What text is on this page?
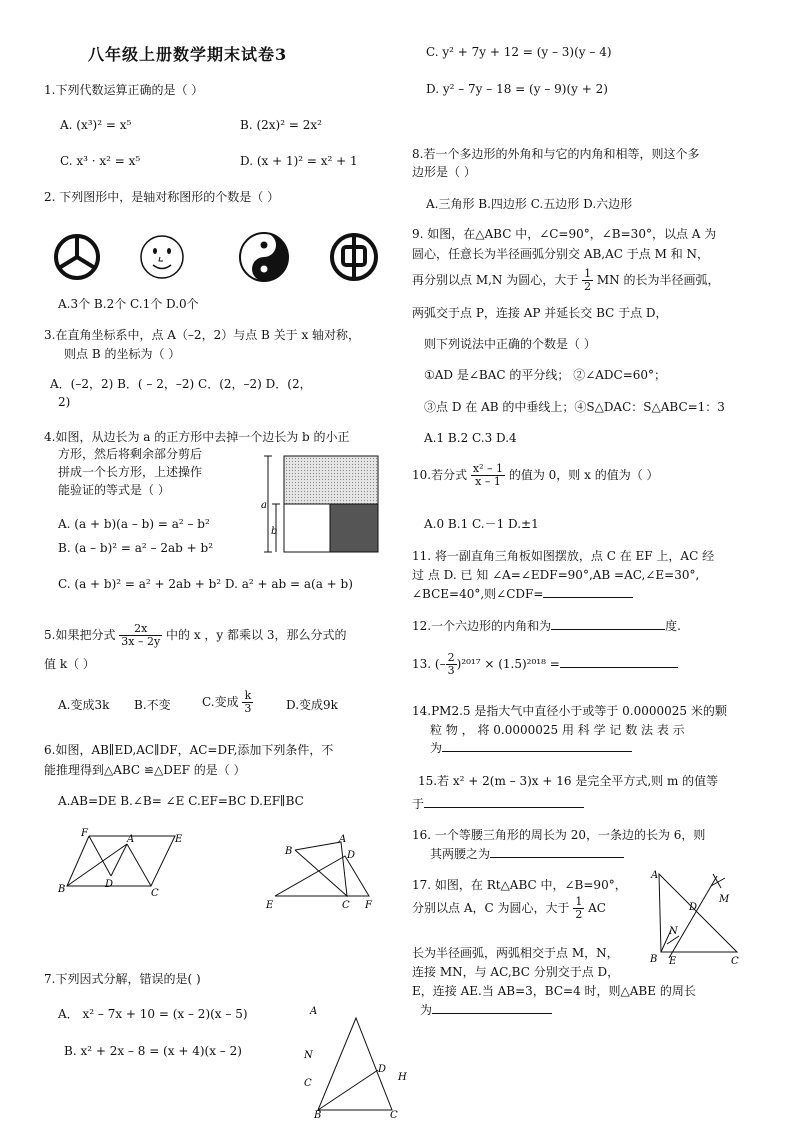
八年级上册数学期末试卷3
1.下列代数运算正确的是（ ）
A. (x³)² = x⁵	B. (2x)² = 2x²
C. x³ · x² = x⁵	D. (x + 1)² = x² + 1
2. 下列图形中，是轴对称图形的个数是（ ）
A.3个 B.2个 C.1个 D.0个
3.在直角坐标系中，点 A（–2，2）与点 B 关于 x 轴对称，
则点 B 的坐标为（ ）
A．(–2，2) B．( – 2，–2) C．(2，–2) D．(2，
2)
4.如图，从边长为 a 的正方形中去掉一个边长为 b 的小正
方形，然后将剩余部分剪后
拼成一个长方形，上述操作
能验证的等式是（ ）
A. (a + b)(a – b) = a² – b²
B. (a – b)² = a² – 2ab + b²
C. (a + b)² = a² + 2ab + b² D. a² + ab = a(a + b)
a
b
5.如果把分式 $\frac{2x}{3x - 2y}$ 中的 x ，y 都乘以 3，那么分式的
值 k（ ）
A.变成3k B.不变	C.变成 $\frac{k}{3}$	D.变成9k
6.如图，AB∥ED,AC∥DF，AC=DF,添加下列条件，不
能推理得到△ABC ≌△DEF 的是（ ）
A.AB=DE B.∠B= ∠E C.EF=BC D.EF∥BC
F
A	E
D
B	C
B
A
D
E	C F
7.下列因式分解，错误的是( )
A． x² – 7x + 10 = (x – 2)(x – 5)
B. x² + 2x – 8 = (x + 4)(x – 2)
A
N
C
D
H
B	C
C. y² + 7y + 12 = (y – 3)(y – 4)
D. y² – 7y – 18 = (y – 9)(y + 2)
8.若一个多边形的外角和与它的内角和相等，则这个多
边形是（ ）
A.三角形 B.四边形 C.五边形 D.六边形
9. 如图，在△ABC 中，∠C=90°，∠B=30°，以点 A 为
圆心，任意长为半径画弧分别交 AB,AC 于点 M 和 N，
再分别以点 M,N 为圆心，大于 $\frac{1}{2}$ MN 的长为半径画弧，
两弧交于点 P，连接 AP 并延长交 BC 于点 D，
则下列说法中正确的个数是（ ）
①AD 是∠BAC 的平分线； ②∠ADC=60°；
③点 D 在 AB 的中垂线上；④S△DAC：S△ABC=1：3
A.1 B.2 C.3 D.4
10.若分式 $\frac{\text{x² – 1}}{x - 1}$ 的值为 0，则 x 的值为（ ）
A.0 B.1 C.－1 D.±1
11. 将一副直角三角板如图摆放，点 C 在 EF 上，AC 经
过 点 D. 已 知 ∠A=∠EDF=90°,AB =AC,∠E=30°,
∠BCE=40°,则∠CDF=
12.一个六边形的内角和为	度.
13. (– $\frac{2}{3} )^{2017} \times (1.5)^{2018}$ =
14.PM2.5 是指大气中直径小于或等于 0.0000025 米的颗
粒 物 ， 将 0.0000025 用 科 学 记 数 法 表 示
为
15.若 x² + 2(m – 3)x + 16 是完全平方式,则 m 的值等
于
16. 一个等腰三角形的周长为 20，一条边的长为 6，则
其两腰之为
17. 如图，在 Rt△ABC 中，∠B=90°，
分别以点 A，C 为圆心，大于 $\frac{1}{2}$ AC
长为半径画弧，两弧相交于点 M，N，
连接 MN，与 AC,BC 分别交于点 D，
E，连接 AE.当 AB=3，BC=4 时，则△ABE 的周长
为
A
D
M
N
B E	C
